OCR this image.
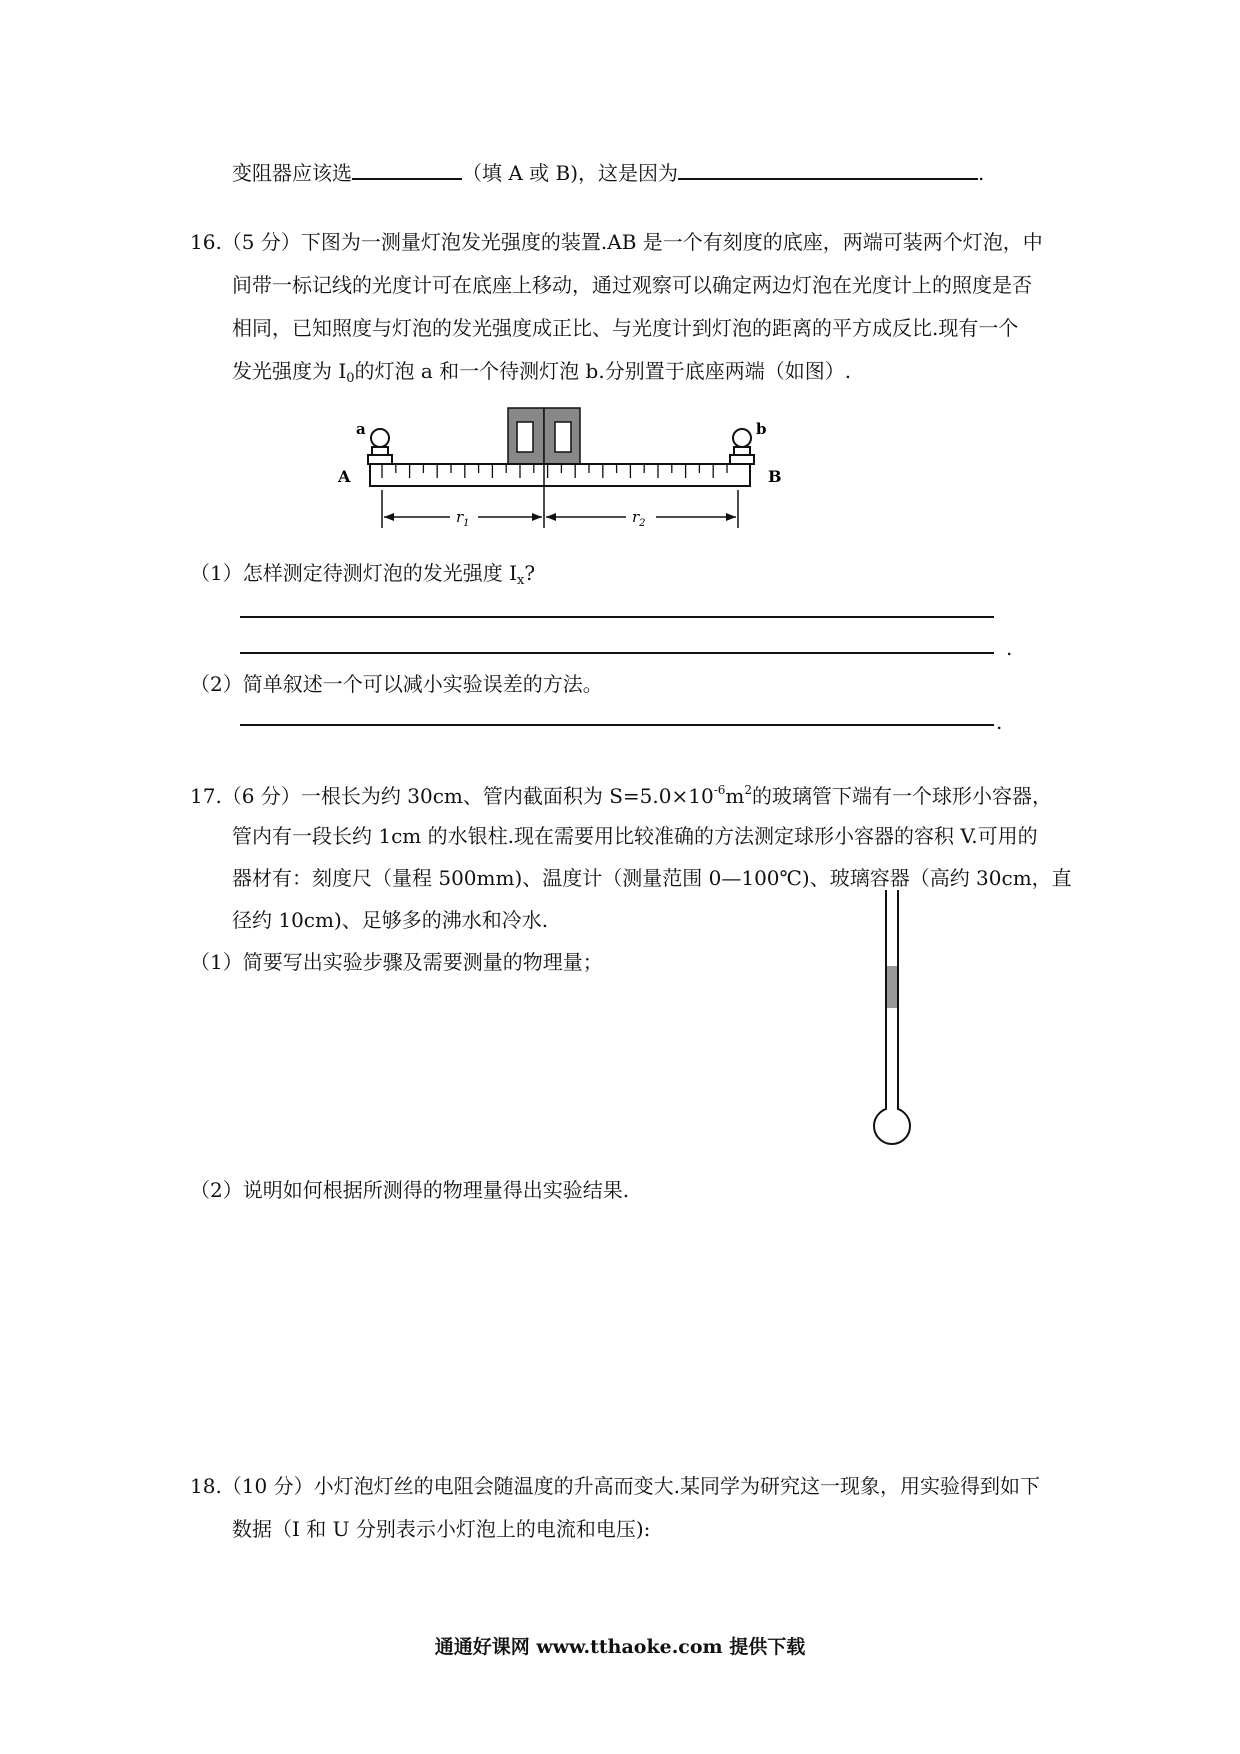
变阻器应该选	（填 A 或 B)，这是因为	.
16.（5 分）下图为一测量灯泡发光强度的装置.AB 是一个有刻度的底座，两端可装两个灯泡，中
间带一标记线的光度计可在底座上移动，通过观察可以确定两边灯泡在光度计上的照度是否
相同，已知照度与灯泡的发光强度成正比、与光度计到灯泡的距离的平方成反比.现有一个
发光强度为 $I_0$的灯泡 a 和一个待测灯泡 b.分别置于底座两端（如图）.
a	b
A	B
$r_1$	$r_2$
（1）怎样测定待测灯泡的发光强度 $I_x$?
.
（2）简单叙述一个可以减小实验误差的方法。
.
17.（6 分）一根长为约 30cm、管内截面积为 $S=5.0\times 10^{-6}m^2$的玻璃管下端有一个球形小容器，
管内有一段长约 1cm 的水银柱.现在需要用比较准确的方法测定球形小容器的容积 V.可用的
器材有：刻度尺（量程 500mm)、温度计（测量范围 0—100℃)、玻璃容器（高约 30cm，直
径约 10cm)、足够多的沸水和冷水.
（1）简要写出实验步骤及需要测量的物理量；
（2）说明如何根据所测得的物理量得出实验结果.
18.（10 分）小灯泡灯丝的电阻会随温度的升高而变大.某同学为研究这一现象，用实验得到如下
数据（I 和 U 分别表示小灯泡上的电流和电压):
通通好课网 www.tthaoke.com 提供下载
